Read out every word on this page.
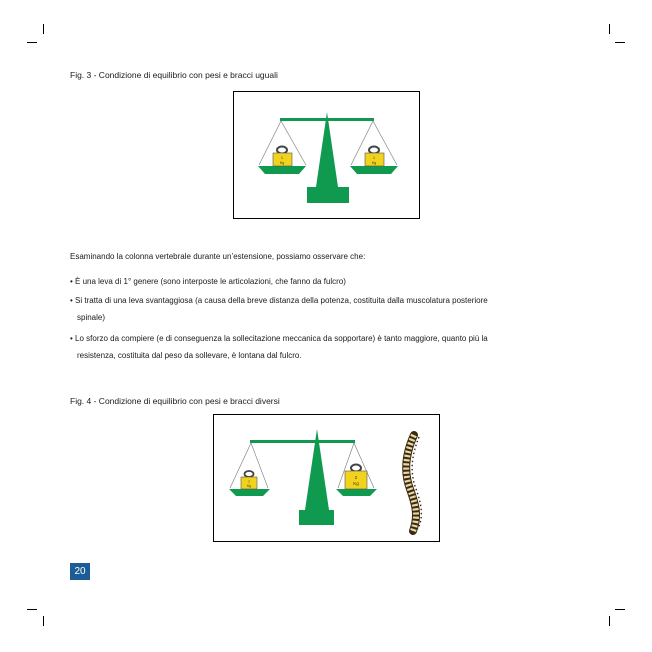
Fig. 3 - Condizione di equilibrio con pesi e bracci uguali
1
Kg
1
Kg
Esaminando la colonna vertebrale durante un’estensione, possiamo osservare che:
• È una leva di 1° genere (sono interposte le articolazioni, che fanno da fulcro)
• Si tratta di una leva svantaggiosa (a causa della breve distanza della potenza, costituita dalla muscolatura posteriore
spinale)
• Lo sforzo da compiere (e di conseguenza la sollecitazione meccanica da sopportare) è tanto maggiore, quanto più la
resistenza, costituita dal peso da sollevare, è lontana dal fulcro.
Fig. 4 - Condizione di equilibrio con pesi e bracci diversi
1
Kg
2
Kg
20
